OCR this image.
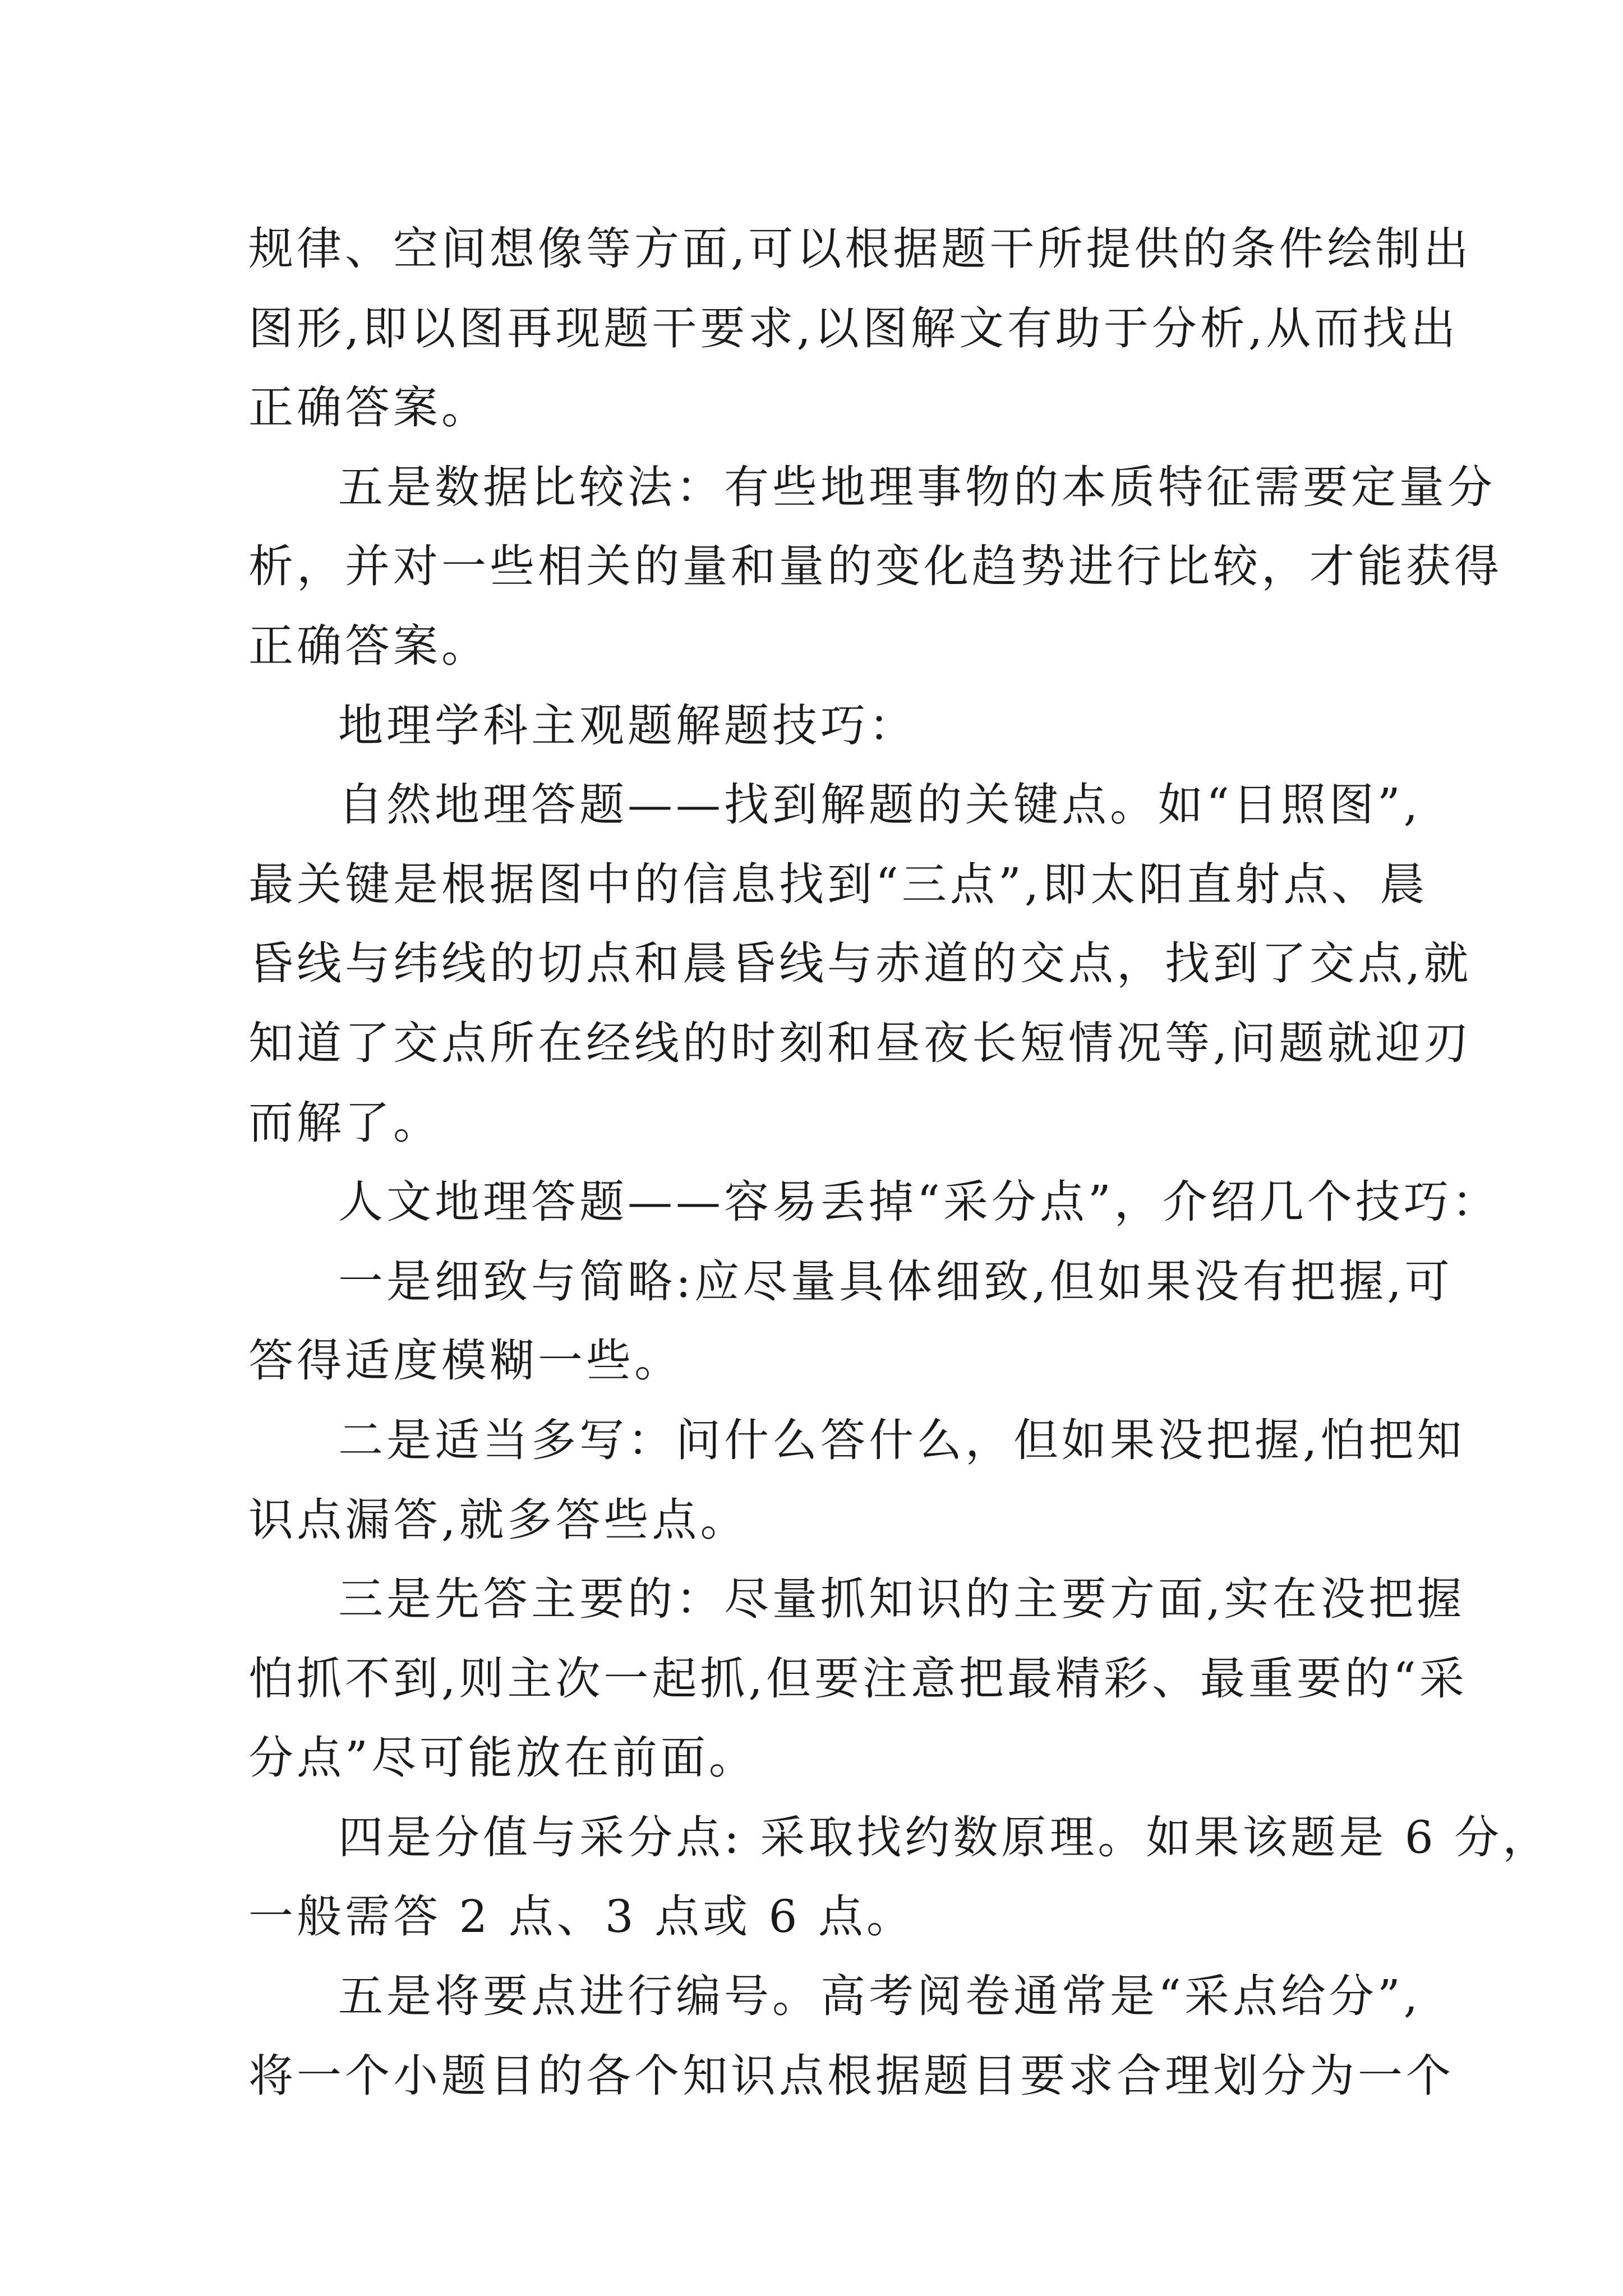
规律、空间想像等方面,可以根据题干所提供的条件绘制出
图形,即以图再现题干要求,以图解文有助于分析,从而找出
正确答案。
五是数据比较法：有些地理事物的本质特征需要定量分
析，并对一些相关的量和量的变化趋势进行比较，才能获得
正确答案。
地理学科主观题解题技巧：
自然地理答题——找到解题的关键点。如“日照图”,
最关键是根据图中的信息找到“三点”,即太阳直射点、晨
昏线与纬线的切点和晨昏线与赤道的交点，找到了交点,就
知道了交点所在经线的时刻和昼夜长短情况等,问题就迎刃
而解了。
人文地理答题——容易丢掉“采分点”，介绍几个技巧：
一是细致与简略:应尽量具体细致,但如果没有把握,可
答得适度模糊一些。
二是适当多写：问什么答什么，但如果没把握,怕把知
识点漏答,就多答些点。
三是先答主要的：尽量抓知识的主要方面,实在没把握
怕抓不到,则主次一起抓,但要注意把最精彩、最重要的“采
分点”尽可能放在前面。
四是分值与采分点: 采取找约数原理。如果该题是 6 分，
一般需答 2 点、3 点或 6 点。
五是将要点进行编号。高考阅卷通常是“采点给分”,
将一个小题目的各个知识点根据题目要求合理划分为一个
